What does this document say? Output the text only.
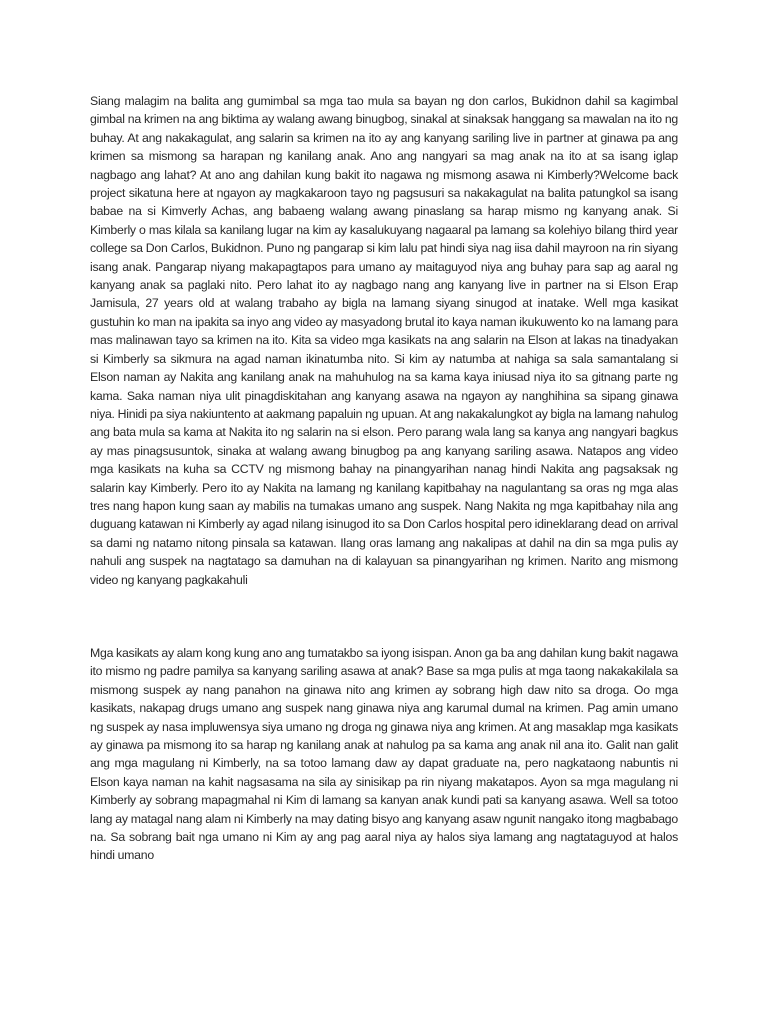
Siang malagim na balita ang gumimbal sa mga tao mula sa bayan ng don carlos, Bukidnon dahil sa kagimbal gimbal na krimen na ang biktima ay walang awang binugbog, sinakal at sinaksak hanggang sa mawalan na ito ng buhay. At ang nakakagulat, ang salarin sa krimen na ito ay ang kanyang sariling live in partner at ginawa pa ang krimen sa mismong sa harapan ng kanilang anak. Ano ang nangyari sa mag anak na ito at sa isang iglap nagbago ang lahat? At ano ang dahilan kung bakit ito nagawa ng mismong asawa ni Kimberly?Welcome back project sikatuna here at ngayon ay magkakaroon tayo ng pagsusuri sa nakakagulat na balita patungkol sa isang babae na si Kimverly Achas, ang babaeng walang awang pinaslang sa harap mismo ng kanyang anak. Si Kimberly o mas kilala sa kanilang lugar na kim ay kasalukuyang nagaaral pa lamang sa kolehiyo bilang third year college sa Don Carlos, Bukidnon. Puno ng pangarap si kim lalu pat hindi siya nag iisa dahil mayroon na rin siyang isang anak. Pangarap niyang makapagtapos para umano ay maitaguyod niya ang buhay para sap ag aaral ng kanyang anak sa paglaki nito. Pero lahat ito ay nagbago nang ang kanyang live in partner na si Elson Erap Jamisula, 27 years old at walang trabaho ay bigla na lamang siyang sinugod at inatake. Well mga kasikat gustuhin ko man na ipakita sa inyo ang video ay masyadong brutal ito kaya naman ikukuwento ko na lamang para mas malinawan tayo sa krimen na ito. Kita sa video mga kasikats na ang salarin na Elson at lakas na tinadyakan si Kimberly sa sikmura na agad naman ikinatumba nito. Si kim ay natumba at nahiga sa sala samantalang si Elson naman ay Nakita ang kanilang anak na mahuhulog na sa kama kaya iniusad niya ito sa gitnang parte ng kama. Saka naman niya ulit pinagdiskitahan ang kanyang asawa na ngayon ay nanghihina sa sipang ginawa niya. Hinidi pa siya nakiuntento at aakmang papaluin ng upuan. At ang nakakalungkot ay bigla na lamang nahulog ang bata mula sa kama at Nakita ito ng salarin na si elson. Pero parang wala lang sa kanya ang nangyari bagkus ay mas pinagsusuntok, sinaka at walang awang binugbog pa ang kanyang sariling asawa. Natapos ang video mga kasikats na kuha sa CCTV ng mismong bahay na pinangyarihan nanag hindi Nakita ang pagsaksak ng salarin kay Kimberly. Pero ito ay Nakita na lamang ng kanilang kapitbahay na nagulantang sa oras ng mga alas tres nang hapon kung saan ay mabilis na tumakas umano ang suspek. Nang Nakita ng mga kapitbahay nila ang duguang katawan ni Kimberly ay agad nilang isinugod ito sa Don Carlos hospital pero idineklarang dead on arrival sa dami ng natamo nitong pinsala sa katawan. Ilang oras lamang ang nakalipas at dahil na din sa mga pulis ay nahuli ang suspek na nagtatago sa damuhan na di kalayuan sa pinangyarihan ng krimen. Narito ang mismong video ng kanyang pagkakahuli

Mga kasikats ay alam kong kung ano ang tumatakbo sa iyong isispan. Anon ga ba ang dahilan kung bakit nagawa ito mismo ng padre pamilya sa kanyang sariling asawa at anak? Base sa mga pulis at mga taong nakakakilala sa mismong suspek ay nang panahon na ginawa nito ang krimen ay sobrang high daw nito sa droga. Oo mga kasikats, nakapag drugs umano ang suspek nang ginawa niya ang karumal dumal na krimen. Pag amin umano ng suspek ay nasa impluwensya siya umano ng droga ng ginawa niya ang krimen. At ang masaklap mga kasikats ay ginawa pa mismong ito sa harap ng kanilang anak at nahulog pa sa kama ang anak nil ana ito. Galit nan galit ang mga magulang ni Kimberly, na sa totoo lamang daw ay dapat graduate na, pero nagkataong nabuntis ni Elson kaya naman na kahit nagsasama na sila ay sinisikap pa rin niyang makatapos. Ayon sa mga magulang ni Kimberly ay sobrang mapagmahal ni Kim di lamang sa kanyan anak kundi pati sa kanyang asawa. Well sa totoo lang ay matagal nang alam ni Kimberly na may dating bisyo ang kanyang asaw ngunit nangako itong magbabago na. Sa sobrang bait nga umano ni Kim ay ang pag aaral niya ay halos siya lamang ang nagtataguyod at halos hindi umano
